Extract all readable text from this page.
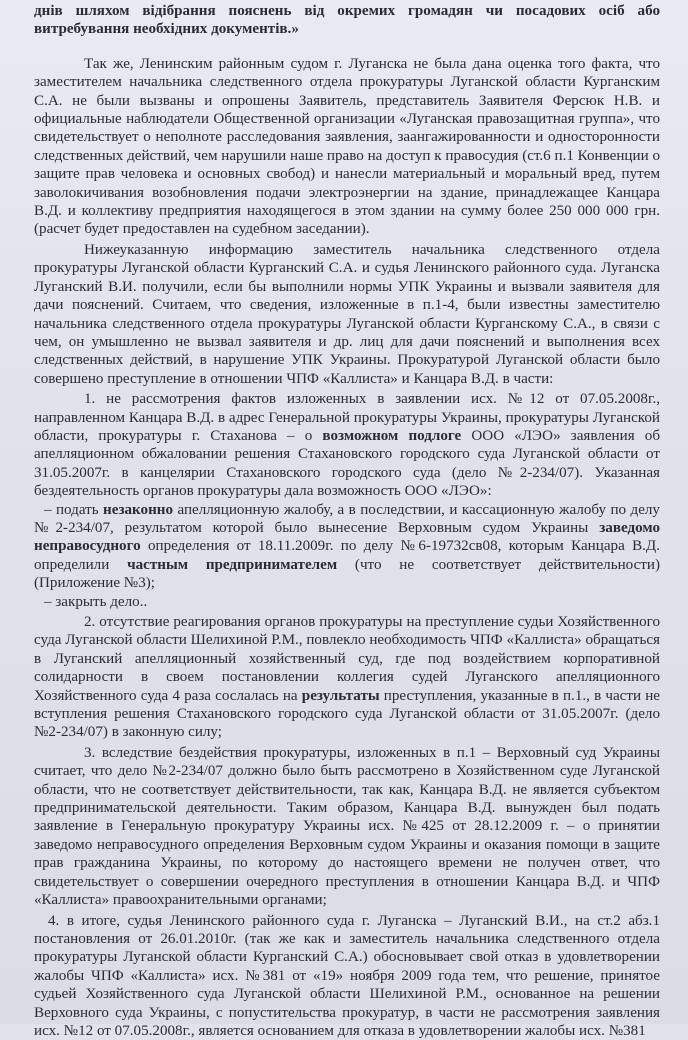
днів шляхом відібрання пояснень від окремих громадян чи посадових осіб або витребування необхідних документів.»

Так же, Ленинским районным судом г. Луганска не была дана оценка того факта, что заместителем начальника следственного отдела прокуратуры Луганской области Курганским С.А. не были вызваны и опрошены Заявитель, представитель Заявителя Ферсюк Н.В. и официальные наблюдатели Общественной организации «Луганская правозащитная группа», что свидетельствует о неполноте расследования заявления, заангажированности и односторонности следственных действий, чем нарушили наше право на доступ к правосудия (ст.6 п.1 Конвенции о защите прав человека и основных свобод) и нанесли материальный и моральный вред, путем заволокичивания возобновления подачи электроэнергии на здание, принадлежащее Канцара В.Д. и коллективу предприятия находящегося в этом здании на сумму более 250 000 000 грн. (расчет будет предоставлен на судебном заседании).

Нижеуказанную информацию заместитель начальника следственного отдела прокуратуры Луганской области Курганский С.А. и судья Ленинского районного суда. Луганска Луганский В.И. получили, если бы выполнили нормы УПК Украины и вызвали заявителя для дачи пояснений. Считаем, что сведения, изложенные в п.1-4, были известны заместителю начальника следственного отдела прокуратуры Луганской области Курганскому С.А., в связи с чем, он умышленно не вызвал заявителя и др. лиц для дачи пояснений и выполнения всех следственных действий, в нарушение УПК Украины. Прокуратурой Луганской области было совершено преступление в отношении ЧПФ «Каллиста» и Канцара В.Д. в части:

1. не рассмотрения фактов изложенных в заявлении исх. №12 от 07.05.2008г., направленном Канцара В.Д. в адрес Генеральной прокуратуры Украины, прокуратуры Луганской области, прокуратуры г. Стаханова – о возможном подлоге ООО «ЛЭО» заявления об апелляционном обжаловании решения Стахановского городского суда Луганской области от 31.05.2007г. в канцелярии Стахановского городского суда (дело №2-234/07). Указанная бездеятельность органов прокуратуры дала возможность ООО «ЛЭО»:

– подать незаконно апелляционную жалобу, а в последствии, и кассационную жалобу по делу №2-234/07, результатом которой было вынесение Верховным судом Украины заведомо неправосудного определения от 18.11.2009г. по делу №6-19732св08, которым Канцара В.Д. определили частным предпринимателем (что не соответствует действительности) (Приложение №3);

– закрыть дело..

2. отсутствие реагирования органов прокуратуры на преступление судьи Хозяйственного суда Луганской области Шелихиной Р.М., повлекло необходимость ЧПФ «Каллиста» обращаться в Луганский апелляционный хозяйственный суд, где под воздействием корпоративной солидарности в своем постановлении коллегия судей Луганского апелляционного Хозяйственного суда 4 раза сослалась на результаты преступления, указанные в п.1., в части не вступления решения Стахановского городского суда Луганской области от 31.05.2007г. (дело №2-234/07) в законную силу;

3. вследствие бездействия прокуратуры, изложенных в п.1 – Верховный суд Украины считает, что дело №2-234/07 должно было быть рассмотрено в Хозяйственном суде Луганской области, что не соответствует действительности, так как, Канцара В.Д. не является субъектом предпринимательской деятельности. Таким образом, Канцара В.Д. вынужден был подать заявление в Генеральную прокуратуру Украины исх. №425 от 28.12.2009 г. – о принятии заведомо неправосудного определения Верховным судом Украины и оказания помощи в защите прав гражданина Украины, по которому до настоящего времени не получен ответ, что свидетельствует о совершении очередного преступления в отношении Канцара В.Д. и ЧПФ «Каллиста» правоохранительными органами;

4. в итоге, судья Ленинского районного суда г. Луганска – Луганский В.И., на ст.2 абз.1 постановления от 26.01.2010г. (так же как и заместитель начальника следственного отдела прокуратуры Луганской области Курганский С.А.) обосновывает свой отказ в удовлетворении жалобы ЧПФ «Каллиста» исх. №381 от «19» ноября 2009 года тем, что решение, принятое судьей Хозяйственного суда Луганской области Шелихиной Р.М., основанное на решении Верховного суда Украины, с попустительства прокуратур, в части не рассмотрения заявления исх. №12 от 07.05.2008г., является основанием для отказа в удовлетворении жалобы исх. №381
